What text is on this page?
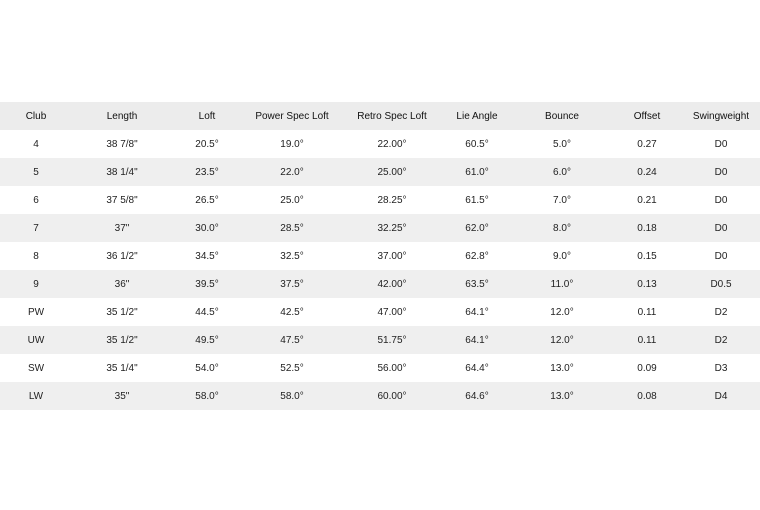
Club	Length	Loft	Power Spec Loft	Retro Spec Loft	Lie Angle	Bounce	Offset	Swingweight
4	38 7/8"	20.5°	19.0°	22.00°	60.5°	5.0°	0.27	D0
5	38 1/4"	23.5°	22.0°	25.00°	61.0°	6.0°	0.24	D0
6	37 5/8"	26.5°	25.0°	28.25°	61.5°	7.0°	0.21	D0
7	37"	30.0°	28.5°	32.25°	62.0°	8.0°	0.18	D0
8	36 1/2"	34.5°	32.5°	37.00°	62.8°	9.0°	0.15	D0
9	36"	39.5°	37.5°	42.00°	63.5°	11.0°	0.13	D0.5
PW	35 1/2"	44.5°	42.5°	47.00°	64.1°	12.0°	0.11	D2
UW	35 1/2"	49.5°	47.5°	51.75°	64.1°	12.0°	0.11	D2
SW	35 1/4"	54.0°	52.5°	56.00°	64.4°	13.0°	0.09	D3
LW	35"	58.0°	58.0°	60.00°	64.6°	13.0°	0.08	D4
